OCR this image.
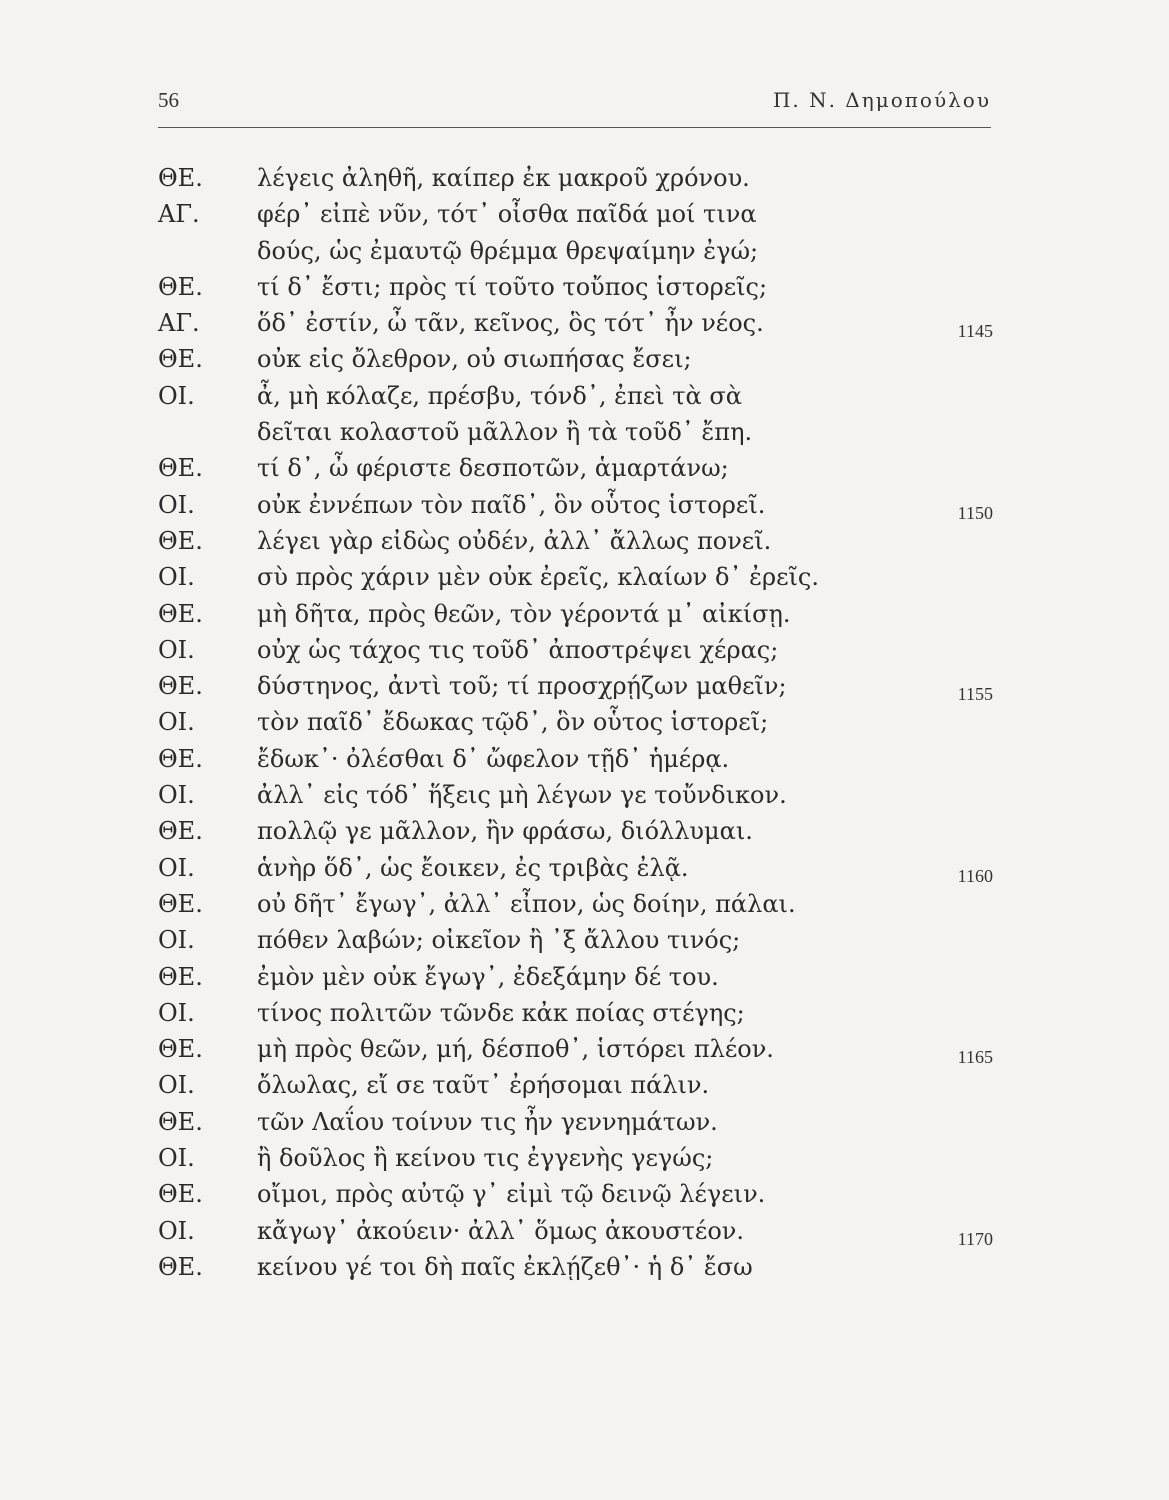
56	Π. Ν. Δημοπούλου
ΘΕ.	λέγεις ἀληθῆ, καίπερ ἐκ μακροῦ χρόνου.
ΑΓ.	φέρ᾽ εἰπὲ νῦν, τότ᾽ οἶσθα παῖδά μοί τινα
δούς, ὡς ἐμαυτῷ θρέμμα θρεψαίμην ἐγώ;
ΘΕ.	τί δ᾽ ἔστι; πρὸς τί τοῦτο τοὔπος ἱστορεῖς;
ΑΓ.	ὅδ᾽ ἐστίν, ὦ τᾶν, κεῖνος, ὃς τότ᾽ ἦν νέος.	1145
ΘΕ.	οὐκ εἰς ὄλεθρον, οὐ σιωπήσας ἔσει;
ΟΙ.	ἆ, μὴ κόλαζε, πρέσβυ, τόνδ᾽, ἐπεὶ τὰ σὰ
δεῖται κολαστοῦ μᾶλλον ἢ τὰ τοῦδ᾽ ἔπη.
ΘΕ.	τί δ᾽, ὦ φέριστε δεσποτῶν, ἁμαρτάνω;
ΟΙ.	οὐκ ἐννέπων τὸν παῖδ᾽, ὃν οὗτος ἱστορεῖ.	1150
ΘΕ.	λέγει γὰρ εἰδὼς οὐδέν, ἀλλ᾽ ἄλλως πονεῖ.
ΟΙ.	σὺ πρὸς χάριν μὲν οὐκ ἐρεῖς, κλαίων δ᾽ ἐρεῖς.
ΘΕ.	μὴ δῆτα, πρὸς θεῶν, τὸν γέροντά μ᾽ αἰκίσῃ.
ΟΙ.	οὐχ ὡς τάχος τις τοῦδ᾽ ἀποστρέψει χέρας;
ΘΕ.	δύστηνος, ἀντὶ τοῦ; τί προσχρῄζων μαθεῖν;	1155
ΟΙ.	τὸν παῖδ᾽ ἔδωκας τῷδ᾽, ὃν οὗτος ἱστορεῖ;
ΘΕ.	ἔδωκ᾽· ὀλέσθαι δ᾽ ὤφελον τῇδ᾽ ἡμέρᾳ.
ΟΙ.	ἀλλ᾽ εἰς τόδ᾽ ἥξεις μὴ λέγων γε τοὔνδικον.
ΘΕ.	πολλῷ γε μᾶλλον, ἢν φράσω, διόλλυμαι.
ΟΙ.	ἁνὴρ ὅδ᾽, ὡς ἔοικεν, ἐς τριβὰς ἐλᾷ.	1160
ΘΕ.	οὐ δῆτ᾽ ἔγωγ᾽, ἀλλ᾽ εἶπον, ὡς δοίην, πάλαι.
ΟΙ.	πόθεν λαβών; οἰκεῖον ἢ ᾽ξ ἄλλου τινός;
ΘΕ.	ἐμὸν μὲν οὐκ ἔγωγ᾽, ἐδεξάμην δέ του.
ΟΙ.	τίνος πολιτῶν τῶνδε κἀκ ποίας στέγης;
ΘΕ.	μὴ πρὸς θεῶν, μή, δέσποθ᾽, ἱστόρει πλέον.	1165
ΟΙ.	ὄλωλας, εἴ σε ταῦτ᾽ ἐρήσομαι πάλιν.
ΘΕ.	τῶν Λαΐου τοίνυν τις ἦν γεννημάτων.
ΟΙ.	ἢ δοῦλος ἢ κείνου τις ἐγγενὴς γεγώς;
ΘΕ.	οἴμοι, πρὸς αὐτῷ γ᾽ εἰμὶ τῷ δεινῷ λέγειν.
ΟΙ.	κἄγωγ᾽ ἀκούειν· ἀλλ᾽ ὅμως ἀκουστέον.	1170
ΘΕ.	κείνου γέ τοι δὴ παῖς ἐκλῄζεθ᾽· ἡ δ᾽ ἔσω
